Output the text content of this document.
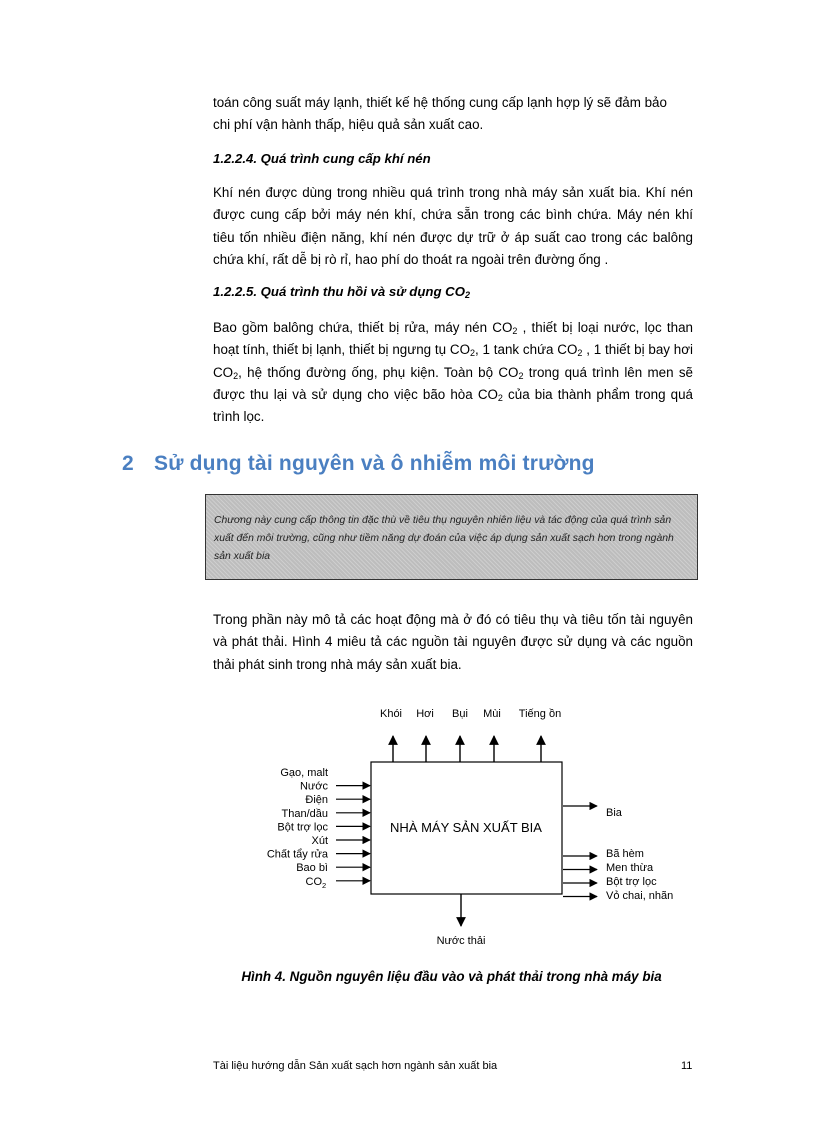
toán công suất máy lạnh, thiết kế hệ thống cung cấp lạnh hợp lý sẽ đảm bảo
chi phí vận hành thấp, hiệu quả sản xuất cao.

1.2.2.4. Quá trình cung cấp khí nén

Khí nén được dùng trong nhiều quá trình trong nhà máy sản xuất bia. Khí nén được cung cấp bởi máy nén khí, chứa sẵn trong các bình chứa. Máy nén khí tiêu tốn nhiều điện năng, khí nén được dự trữ ở áp suất cao trong các balông chứa khí, rất dễ bị rò rỉ, hao phí do thoát ra ngoài trên đường ống .

1.2.2.5. Quá trình thu hồi và sử dụng $CO_2$

Bao gồm balông chứa, thiết bị rửa, máy nén $CO_2$ , thiết bị loại nước, lọc than hoạt tính, thiết bị lạnh, thiết bị ngưng tụ $CO_2$, 1 tank chứa $CO_2$ , 1 thiết bị bay hơi $CO_2$, hệ thống đường ống, phụ kiện. Toàn bộ $CO_2$ trong quá trình lên men sẽ được thu lại và sử dụng cho việc bão hòa $CO_2$ của bia thành phẩm trong quá trình lọc.

2 Sử dụng tài nguyên và ô nhiễm môi trường
Chương này cung cấp thông tin đặc thù về tiêu thụ nguyên nhiên liệu và tác động của quá trình sản xuất đến môi trường, cũng như tiềm năng dự đoán của việc áp dụng sản xuất sạch hơn trong ngành sản xuất bia

Trong phần này mô tả các hoạt động mà ở đó có tiêu thụ và tiêu tốn tài nguyên và phát thải. Hình 4 miêu tả các nguồn tài nguyên được sử dụng và các nguồn thải phát sinh trong nhà máy sản xuất bia.

NHÀ MÁY SẢN XUẤT BIA
Khói Hơi Bụi Mùi Tiếng ồn
Gạo, malt
Nước
Điện
Than/dầu
Bột trợ lọc
Xút
Chất tẩy rửa
Bao bì
CO 2
Bia
Bã hèm
Men thừa
Bột trợ lọc
Vỏ chai, nhãn
Nước thải

Hình 4. Nguồn nguyên liệu đầu vào và phát thải trong nhà máy bia

Tài liệu hướng dẫn Sản xuất sạch hơn ngành sản xuất bia	11
